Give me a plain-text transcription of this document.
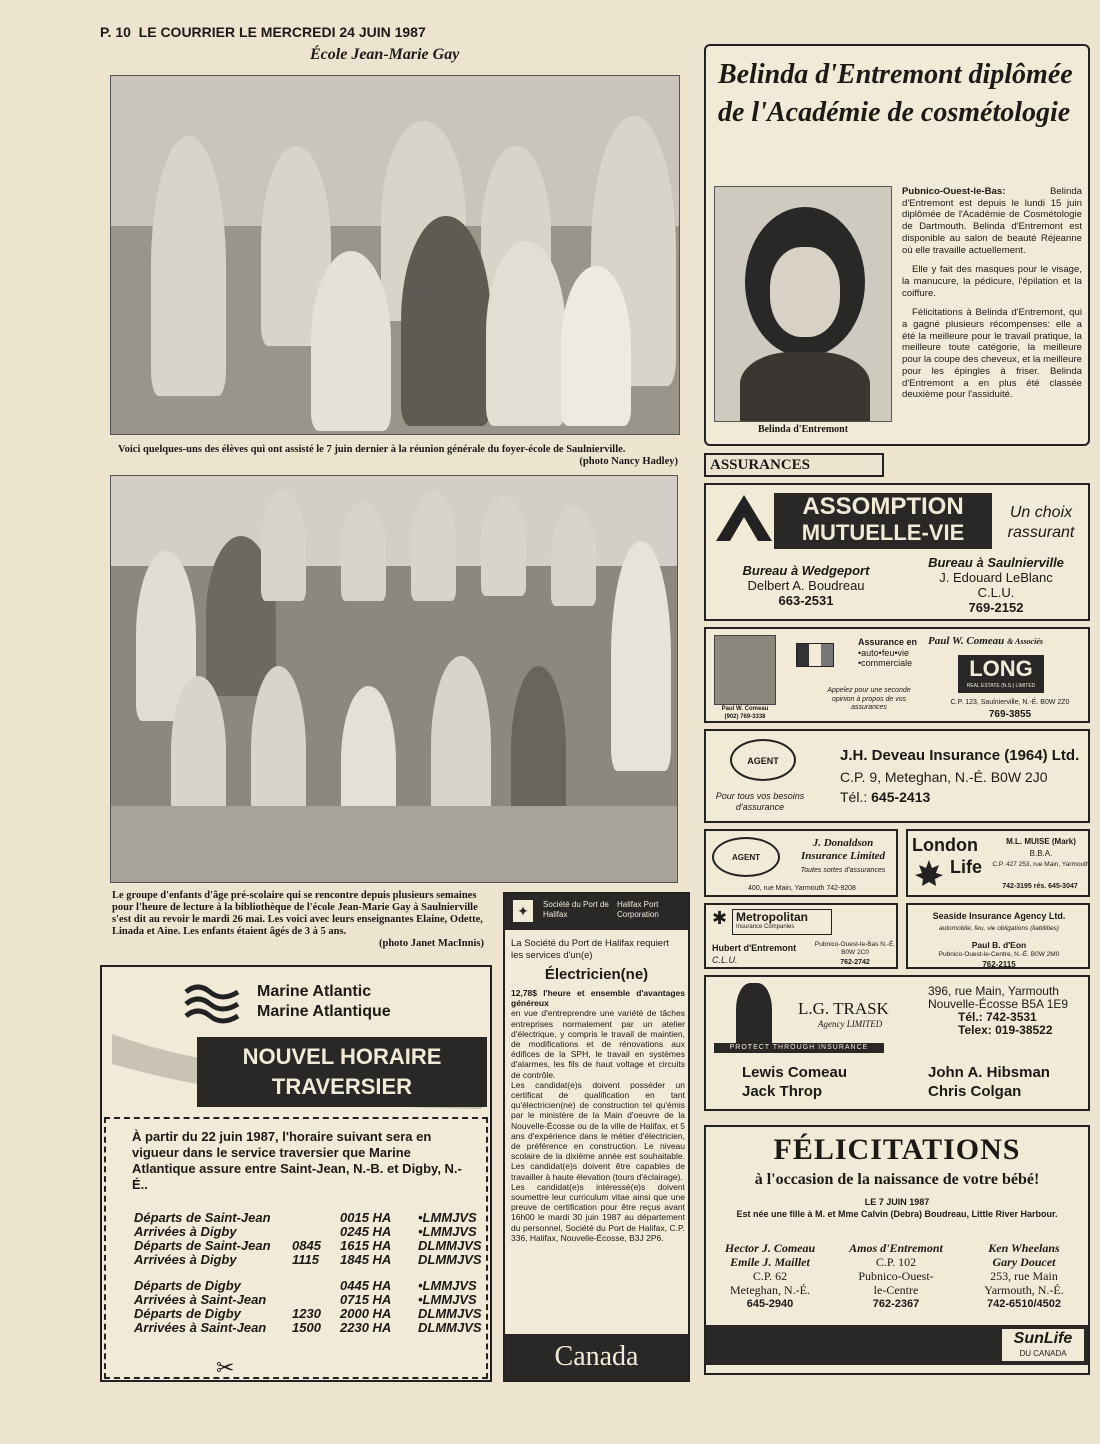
P. 10 LE COURRIER LE MERCREDI 24 JUIN 1987
École Jean-Marie Gay
Voici quelques-uns des élèves qui ont assisté le 7 juin dernier à la réunion générale du foyer-école de Saulnierville.
(photo Nancy Hadley)
Le groupe d'enfants d'âge pré-scolaire qui se rencontre depuis plusieurs semaines pour l'heure de lecture à la bibliothèque de l'école Jean-Marie Gay à Saulnierville s'est dit au revoir le mardi 26 mai. Les voici avec leurs enseignantes Elaine, Odette, Linada et Aine. Les enfants étaient âgés de 3 à 5 ans.
(photo Janet MacInnis)
Marine Atlantic
Marine Atlantique
NOUVEL HORAIRE
TRAVERSIER
À partir du 22 juin 1987, l'horaire suivant sera en vigueur dans le service traversier que Marine Atlantique assure entre Saint-Jean, N.-B. et Digby, N.-É..
Départs de Saint-Jean		0015 HA	•LMMJVS
Arrivées à Digby		0245 HA	•LMMJVS
Départs de Saint-Jean	0845	1615 HA	DLMMJVS
Arrivées à Digby	1115	1845 HA	DLMMJVS
Départs de Digby		0445 HA	•LMMJVS
Arrivées à Saint-Jean		0715 HA	•LMMJVS
Départs de Digby	1230	2000 HA	DLMMJVS
Arrivées à Saint-Jean	1500	2230 HA	DLMMJVS
✂
✦	Société du Port de Halifax
Halifax Port Corporation
La Société du Port de Halifax requiert les services d'un(e)
Électricien(ne)
12,78$ l'heure et ensemble d'avantages généreux
en vue d'entreprendre une variété de tâches entreprises normalement par un atelier d'électrique, y compris le travail de maintien, de modifications et de rénovations aux édifices de la SPH, le travail en systèmes d'alarmes, les fils de haut voltage et circuits de contrôle.
Les candidat(e)s doivent posséder un certificat de qualification en tant qu'électricien(ne) de construction tel qu'émis par le ministère de la Main d'oeuvre de la Nouvelle-Écosse ou de la ville de Halifax, et 5 ans d'expérience dans le métier d'électricien, de préférence en construction. Le niveau scolaire de la dixième année est souhaitable. Les candidat(e)s doivent être capables de travailler à haute élevation (tours d'éclairage).
Les candidat(e)s intéressé(e)s doivent soumettre leur curriculum vitae ainsi que une preuve de certification pour être reçus avant 16h00 le mardi 30 juin 1987 au département du personnel, Société du Port de Halifax, C.P. 336, Halifax, Nouvelle-Écosse, B3J 2P6.
Canada
Belinda d'Entremont diplômée de l'Académie de cosmétologie
Belinda d'Entremont
Pubnico-Ouest-le-Bas:	Belinda d'Entremont est depuis le lundi 15 juin diplômée de l'Académie de Cosmétologie de Dartmouth. Belinda d'Entremont est disponible au salon de beauté Réjeanne où elle travaille actuellement.
Elle y fait des masques pour le visage, la manucure, la pédicure, l'épilation et la coiffure.
Félicitations à Belinda d'Entremont, qui a gagné plusieurs récompenses: elle a été la meilleure pour le travail pratique, la meilleure toute catégorie, la meilleure pour la coupe des cheveux, et la meilleure pour les épingles à friser. Belinda d'Entremont a en plus été classée deuxième pour l'assiduité.
ASSURANCES
ASSOMPTION
MUTUELLE-VIE
Un choix rassurant
Bureau à Wedgeport
Delbert A. Boudreau
663-2531
Bureau à Saulnierville
J. Edouard LeBlanc
C.L.U.
769-2152
Paul W. Comeau
(902) 769-3338
Assurance en
•auto•feu•vie •commerciale
Appelez pour une seconde opinion à propos de vos assurances
Paul W. Comeau & Associés
LONG
REAL ESTATE (N.S.) LIMITED
C.P. 123, Saulnierville, N.-É. B0W 2Z0
769-3855
AGENT
Pour tous vos besoins d'assurance
J.H. Deveau Insurance (1964) Ltd.
C.P. 9, Meteghan, N.-É. B0W 2J0
Tél.: 645-2413
AGENT
J. Donaldson Insurance Limited
Toutes sortes d'assurances
400, rue Main, Yarmouth 742-9208
London
Life
M.L. MUISE (Mark)
B.B.A.
C.P. 427 253, rue Main, Yarmouth
742-3195 rés. 645-3047
✱ Metropolitan
Insurance Companies
Hubert d'Entremont
C.L.U.
Pubnico-Ouest-le-Bas N.-É. B0W 2C0
762-2742
Seaside Insurance Agency Ltd.
automobile, feu, vie obligations (liabilities)
Paul B. d'Eon
Pubnico-Ouest-le-Centre, N.-É. B0W 2M0
762-2115
L.G. TRASK
Agency LIMITED
PROTECT THROUGH INSURANCE
396, rue Main, Yarmouth
Nouvelle-Écosse B5A 1E9
Tél.: 742-3531
Telex: 019-38522
Lewis Comeau
Jack Throp
John A. Hibsman
Chris Colgan
FÉLICITATIONS
à l'occasion de la naissance de votre bébé!
LE 7 JUIN 1987
Est née une fille à M. et Mme Calvin (Debra) Boudreau, Little River Harbour.
Hector J. Comeau
Emile J. Maillet
C.P. 62
Meteghan, N.-É.
645-2940
Amos d'Entremont
C.P. 102
Pubnico-Ouest-
le-Centre
762-2367
Ken Wheelans
Gary Doucet
253, rue Main
Yarmouth, N.-É.
742-6510/4502
SunLife
DU CANADA
